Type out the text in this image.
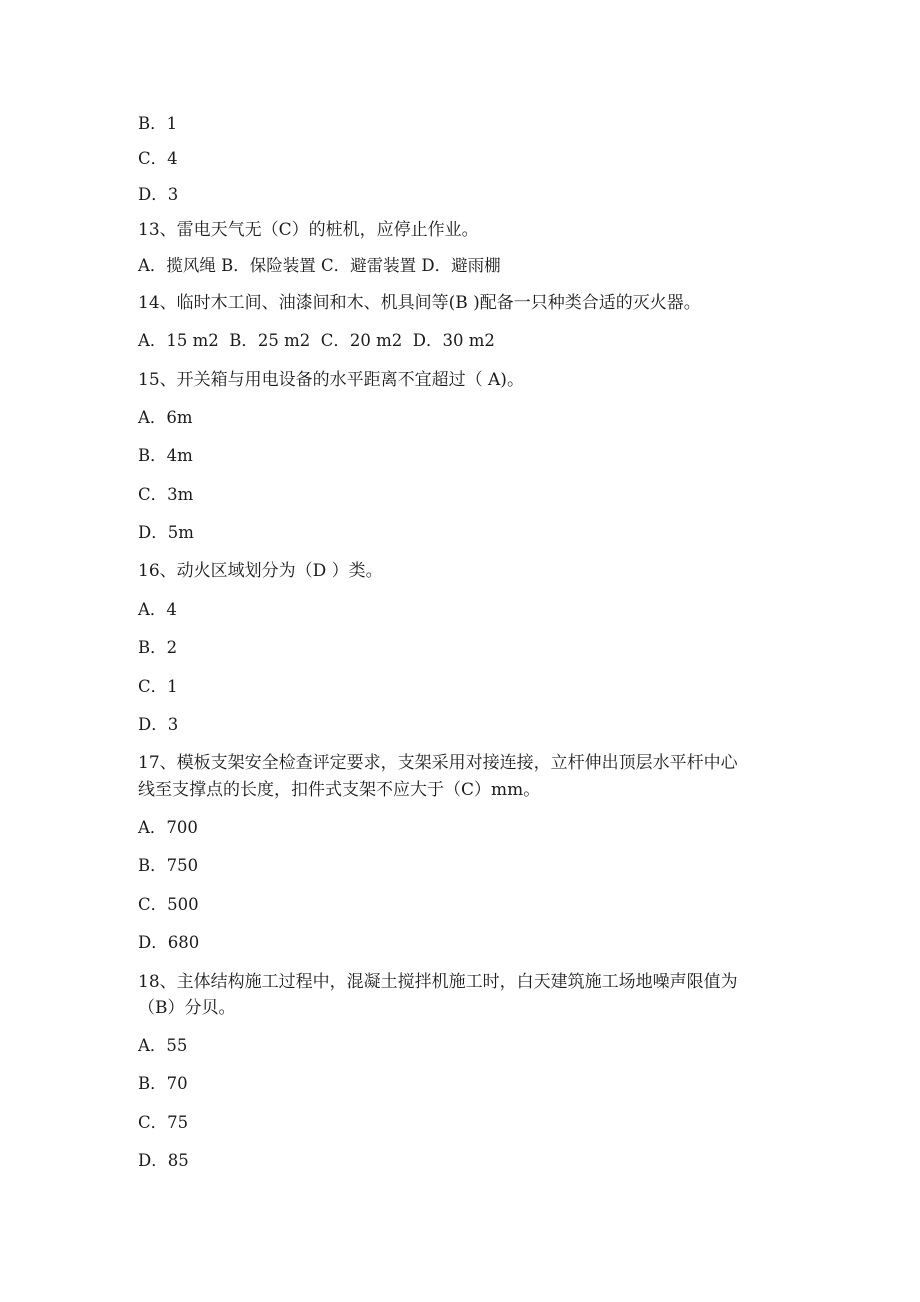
B．1
C．4
D．3
13、雷电天气无（C）的桩机，应停止作业。
A．揽风绳 B．保险装置 C．避雷装置 D．避雨棚
14、临时木工间、油漆间和木、机具间等(B )配备一只种类合适的灭火器。
A．15 m2  B．25 m2  C．20 m2  D．30 m2
15、开关箱与用电设备的水平距离不宜超过（ A)。
A．6m
B．4m
C．3m
D．5m
16、动火区域划分为（D ）类。
A．4
B．2
C．1
D．3
17、模板支架安全检查评定要求，支架采用对接连接，立杆伸出顶层水平杆中心
线至支撑点的长度，扣件式支架不应大于（C）mm。
A．700
B．750
C．500
D．680
18、主体结构施工过程中，混凝土搅拌机施工时，白天建筑施工场地噪声限值为
（B）分贝。
A．55
B．70
C．75
D．85
